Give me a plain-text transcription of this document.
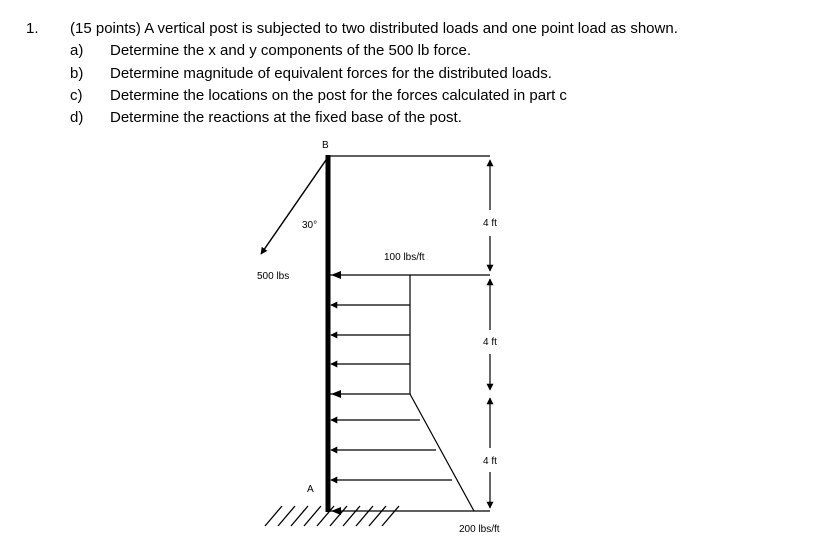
1. (15 points) A vertical post is subjected to two distributed loads and one point load as shown.
a) Determine the x and y components of the 500 lb force.
b) Determine magnitude of equivalent forces for the distributed loads.
c) Determine the locations on the post for the forces calculated in part c
d) Determine the reactions at the fixed base of the post.
B
A
30°
500 lbs
100 lbs/ft
200 lbs/ft
4 ft
4 ft
4 ft
